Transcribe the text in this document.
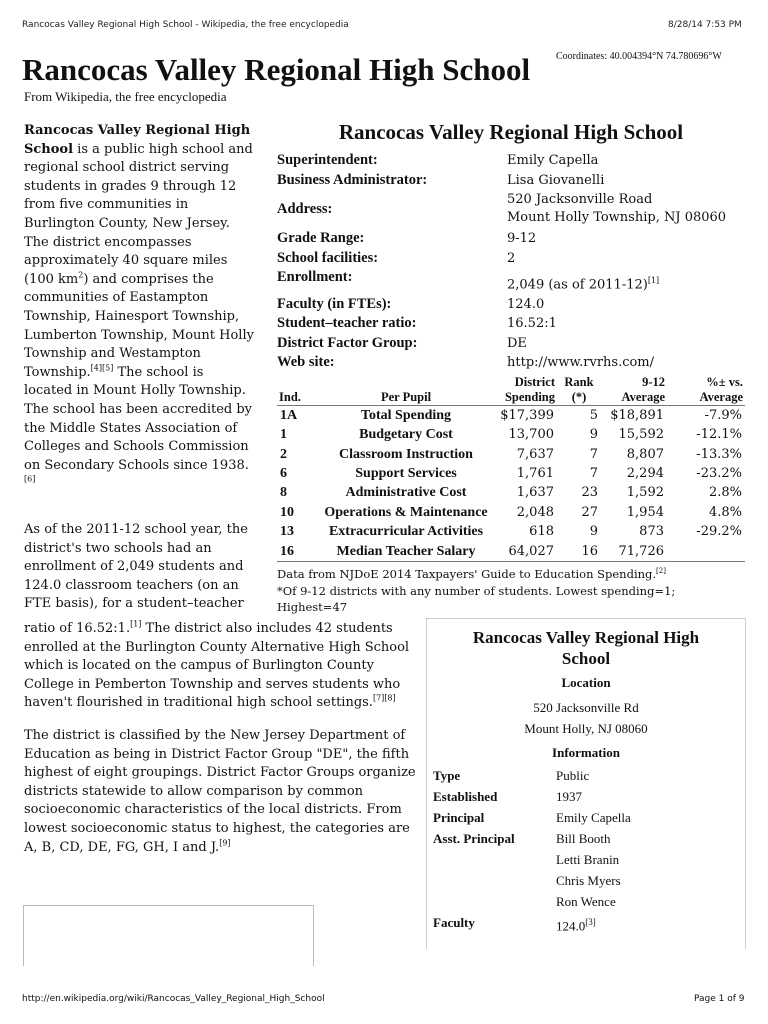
Rancocas Valley Regional High School - Wikipedia, the free encyclopedia	8/28/14 7:53 PM
Rancocas Valley Regional High School	Coordinates: 40.004394°N 74.780696°W
From Wikipedia, the free encyclopedia

Rancocas Valley Regional High School is a public high school and regional school district serving students in grades 9 through 12 from five communities in Burlington County, New Jersey. The district encompasses approximately 40 square miles (100 $km^2$) and comprises the communities of Eastampton Township, Hainesport Township, Lumberton Township, Mount Holly Township and Westampton Township.[4][5] The school is located in Mount Holly Township. The school has been accredited by the Middle States Association of Colleges and Schools Commission on Secondary Schools since 1938.[6]

As of the 2011-12 school year, the district's two schools had an enrollment of 2,049 students and 124.0 classroom teachers (on an FTE basis), for a student–teacher

ratio of 16.52:1.[1] The district also includes 42 students enrolled at the Burlington County Alternative High School which is located on the campus of Burlington County College in Pemberton Township and serves students who haven't flourished in traditional high school settings.[7][8]

The district is classified by the New Jersey Department of Education as being in District Factor Group "DE", the fifth highest of eight groupings. District Factor Groups organize districts statewide to allow comparison by common socioeconomic characteristics of the local districts. From lowest socioeconomic status to highest, the categories are A, B, CD, DE, FG, GH, I and J.[9]

Rancocas Valley Regional High School
Superintendent:	Emily Capella
Business Administrator:	Lisa Giovanelli
Address:
520 Jacksonville Road
Mount Holly Township, NJ 08060
Grade Range:	9-12
School facilities:	2
Enrollment:	2,049 (as of 2011-12)[1]
Faculty (in FTEs):	124.0
Student–teacher ratio:	16.52:1
District Factor Group:	DE
Web site:	http://www.rvrhs.com/
Ind.	Per Pupil	District Spending	Rank (*)	9-12 Average	%± vs. Average
1A	Total Spending	$17,399	5	$18,891	-7.9%
1	Budgetary Cost	13,700	9	15,592	-12.1%
2	Classroom Instruction	7,637	7	8,807	-13.3%
6	Support Services	1,761	7	2,294	-23.2%
8	Administrative Cost	1,637	23	1,592	2.8%
10	Operations & Maintenance	2,048	27	1,954	4.8%
13	Extracurricular Activities	618	9	873	-29.2%
16	Median Teacher Salary	64,027	16	71,726	
Data from NJDoE 2014 Taxpayers' Guide to Education Spending.[2]
*Of 9-12 districts with any number of students. Lowest spending=1; Highest=47
Rancocas Valley Regional High
School
Location
520 Jacksonville Rd
Mount Holly, NJ 08060
Information
Type	Public
Established	1937
Principal	Emily Capella
Asst. Principal	Bill Booth
Letti Branin
Chris Myers
Ron Wence
Faculty	124.0[3]
http://en.wikipedia.org/wiki/Rancocas_Valley_Regional_High_School	Page 1 of 9
